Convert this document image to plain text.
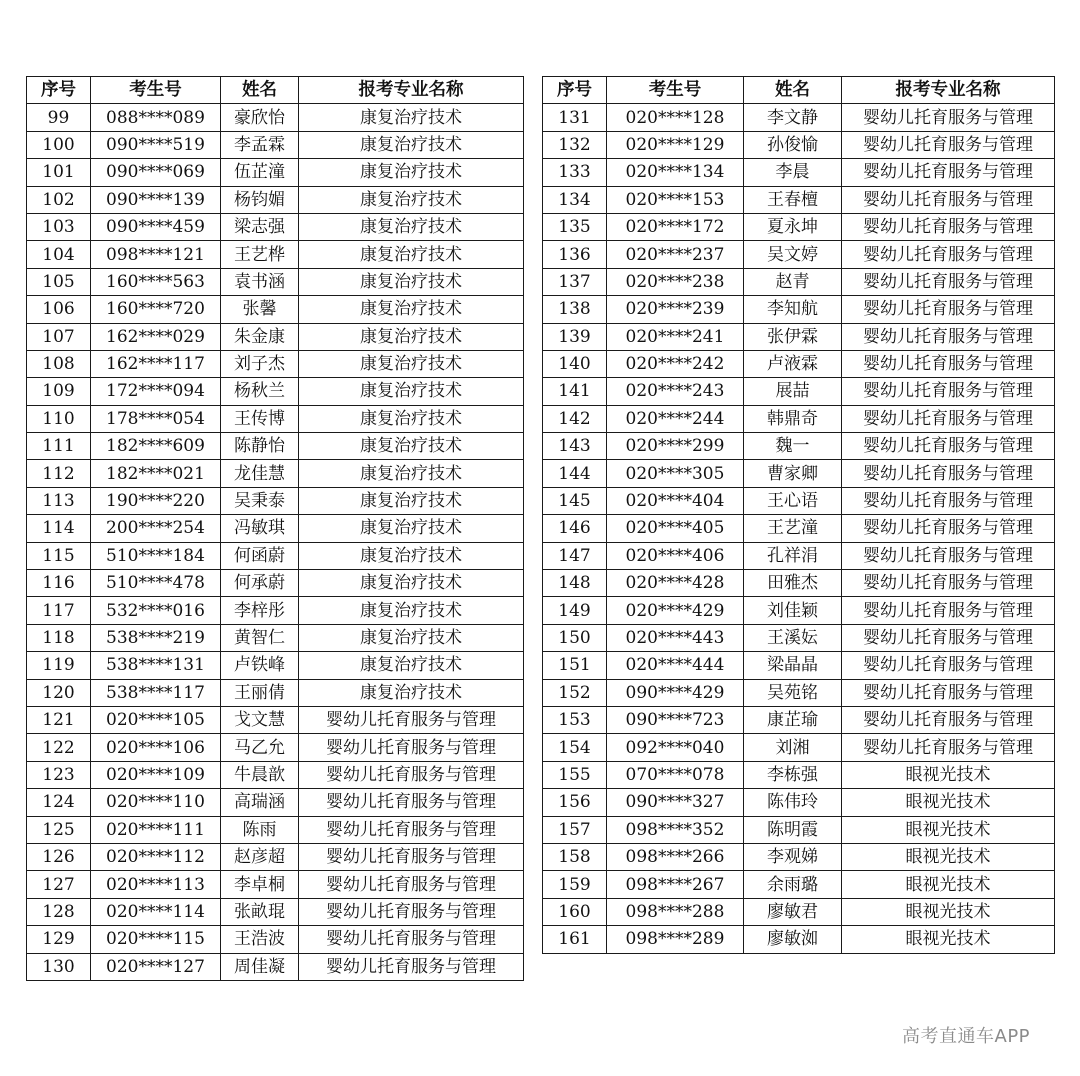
序号	考生号	姓名	报考专业名称
99	088****089	豪欣怡	康复治疗技术
100	090****519	李孟霖	康复治疗技术
101	090****069	伍芷潼	康复治疗技术
102	090****139	杨钧媚	康复治疗技术
103	090****459	梁志强	康复治疗技术
104	098****121	王艺桦	康复治疗技术
105	160****563	袁书涵	康复治疗技术
106	160****720	张馨	康复治疗技术
107	162****029	朱金康	康复治疗技术
108	162****117	刘子杰	康复治疗技术
109	172****094	杨秋兰	康复治疗技术
110	178****054	王传博	康复治疗技术
111	182****609	陈静怡	康复治疗技术
112	182****021	龙佳慧	康复治疗技术
113	190****220	吴秉泰	康复治疗技术
114	200****254	冯敏琪	康复治疗技术
115	510****184	何函蔚	康复治疗技术
116	510****478	何承蔚	康复治疗技术
117	532****016	李梓彤	康复治疗技术
118	538****219	黄智仁	康复治疗技术
119	538****131	卢铁峰	康复治疗技术
120	538****117	王丽倩	康复治疗技术
121	020****105	戈文慧	婴幼儿托育服务与管理
122	020****106	马乙允	婴幼儿托育服务与管理
123	020****109	牛晨歆	婴幼儿托育服务与管理
124	020****110	高瑞涵	婴幼儿托育服务与管理
125	020****111	陈雨	婴幼儿托育服务与管理
126	020****112	赵彦超	婴幼儿托育服务与管理
127	020****113	李卓桐	婴幼儿托育服务与管理
128	020****114	张畝琨	婴幼儿托育服务与管理
129	020****115	王浩波	婴幼儿托育服务与管理
130	020****127	周佳凝	婴幼儿托育服务与管理
序号	考生号	姓名	报考专业名称
131	020****128	李文静	婴幼儿托育服务与管理
132	020****129	孙俊愉	婴幼儿托育服务与管理
133	020****134	李晨	婴幼儿托育服务与管理
134	020****153	王春檀	婴幼儿托育服务与管理
135	020****172	夏永坤	婴幼儿托育服务与管理
136	020****237	吴文婷	婴幼儿托育服务与管理
137	020****238	赵青	婴幼儿托育服务与管理
138	020****239	李知航	婴幼儿托育服务与管理
139	020****241	张伊霖	婴幼儿托育服务与管理
140	020****242	卢液霖	婴幼儿托育服务与管理
141	020****243	展喆	婴幼儿托育服务与管理
142	020****244	韩鼎奇	婴幼儿托育服务与管理
143	020****299	魏一	婴幼儿托育服务与管理
144	020****305	曹家卿	婴幼儿托育服务与管理
145	020****404	王心语	婴幼儿托育服务与管理
146	020****405	王艺潼	婴幼儿托育服务与管理
147	020****406	孔祥涓	婴幼儿托育服务与管理
148	020****428	田雅杰	婴幼儿托育服务与管理
149	020****429	刘佳颖	婴幼儿托育服务与管理
150	020****443	王溪妘	婴幼儿托育服务与管理
151	020****444	梁晶晶	婴幼儿托育服务与管理
152	090****429	吴苑铭	婴幼儿托育服务与管理
153	090****723	康芷瑜	婴幼儿托育服务与管理
154	092****040	刘湘	婴幼儿托育服务与管理
155	070****078	李栋强	眼视光技术
156	090****327	陈伟玲	眼视光技术
157	098****352	陈明霞	眼视光技术
158	098****266	李观娣	眼视光技术
159	098****267	余雨璐	眼视光技术
160	098****288	廖敏君	眼视光技术
161	098****289	廖敏洳	眼视光技术
高考直通车APP
